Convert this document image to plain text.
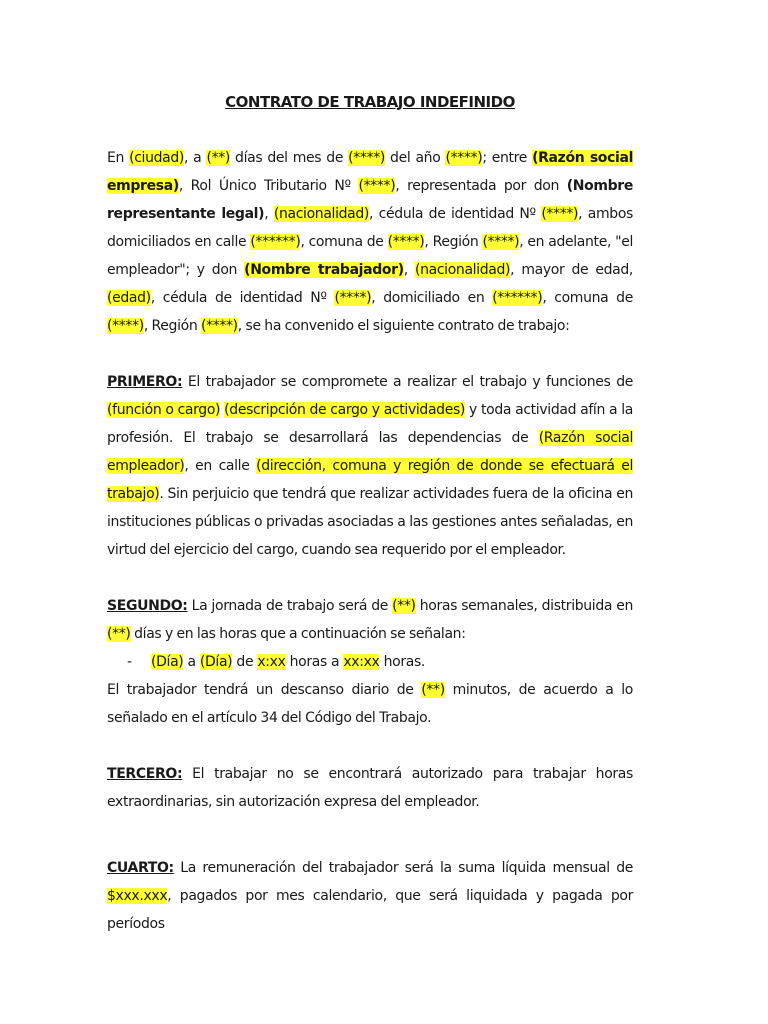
CONTRATO DE TRABAJO INDEFINIDO

En (ciudad), a (**) días del mes de (****) del año (****); entre (Razón social empresa), Rol Único Tributario Nº (****), representada por don (Nombre representante legal), (nacionalidad), cédula de identidad Nº (****), ambos domiciliados en calle (******), comuna de (****), Región (****), en adelante, "el empleador"; y don (Nombre trabajador), (nacionalidad), mayor de edad, (edad), cédula de identidad Nº (****), domiciliado en (******), comuna de (****), Región (****), se ha convenido el siguiente contrato de trabajo:

PRIMERO: El trabajador se compromete a realizar el trabajo y funciones de (función o cargo) (descripción de cargo y actividades) y toda actividad afín a la profesión. El trabajo se desarrollará las dependencias de (Razón social empleador), en calle (dirección, comuna y región de donde se efectuará el trabajo). Sin perjuicio que tendrá que realizar actividades fuera de la oficina en instituciones públicas o privadas asociadas a las gestiones antes señaladas, en virtud del ejercicio del cargo, cuando sea requerido por el empleador.

SEGUNDO: La jornada de trabajo será de (**) horas semanales, distribuida en (**) días y en las horas que a continuación se señalan:

- (Día) a (Día) de x:xx horas a xx:xx horas.

El trabajador tendrá un descanso diario de (**) minutos, de acuerdo a lo señalado en el artículo 34 del Código del Trabajo.

TERCERO: El trabajar no se encontrará autorizado para trabajar horas extraordinarias, sin autorización expresa del empleador.

CUARTO: La remuneración del trabajador será la suma líquida mensual de $xxx.xxx, pagados por mes calendario, que será liquidada y pagada por períodos
